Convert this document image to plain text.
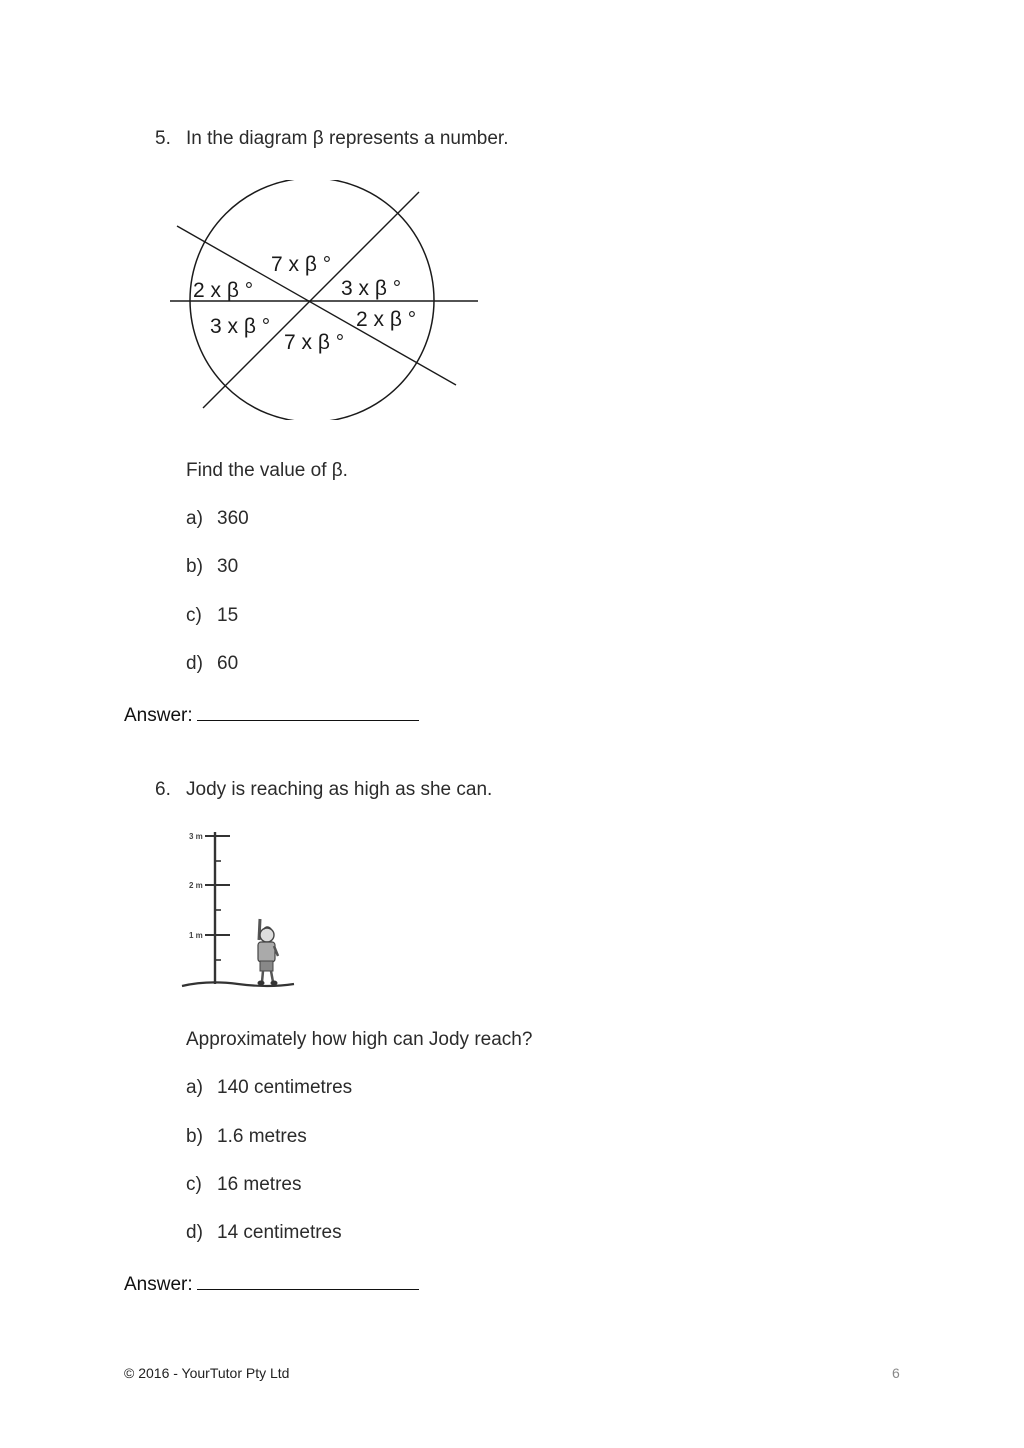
5. In the diagram β represents a number.
7 x β °
2 x β °	3 x β °
3 x β °	2 x β °
7 x β °
Find the value of β.
a) 360
b) 30
c) 15
d) 60
Answer:
6. Jody is reaching as high as she can.
3 m
2 m
1 m
Approximately how high can Jody reach?
a) 140 centimetres
b) 1.6 metres
c) 16 metres
d) 14 centimetres
Answer:
© 2016 - YourTutor Pty Ltd	6
